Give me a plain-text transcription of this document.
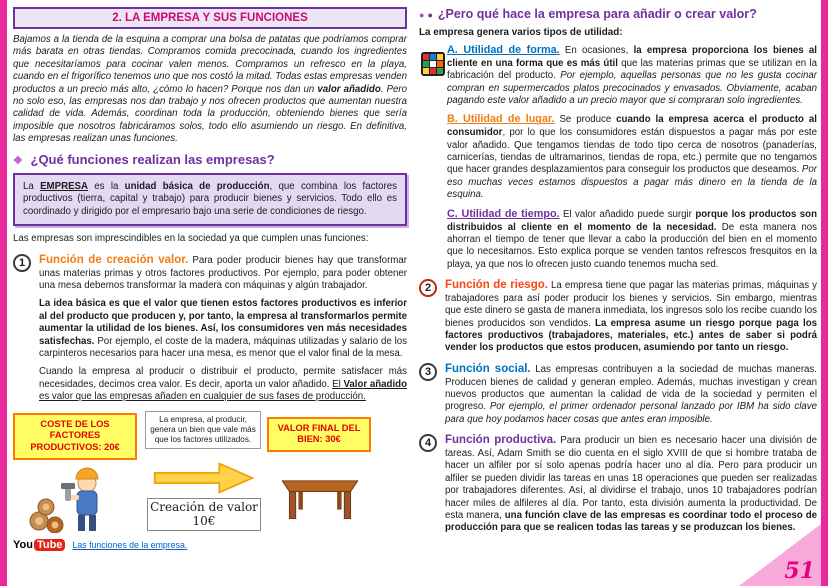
51
2. LA EMPRESA Y SUS FUNCIONES

Bajamos a la tienda de la esquina a comprar una bolsa de patatas que podríamos comprar más barata en otras tiendas. Compramos comida precocinada, cuando los ingredientes que necesitaríamos para cocinar valen menos. Compramos un refresco en la playa, cuando en el frigorífico tenemos uno que nos costó la mitad. Todas estas empresas venden productos a un precio más alto, ¿cómo lo hacen? Porque nos dan un valor añadido. Pero no solo eso, las empresas nos dan trabajo y nos ofrecen productos que aumentan nuestra calidad de vida. Además, coordinan toda la producción, obteniendo bienes que sería imposible que nosotros fabricáramos solos, todo ello asumiendo un riesgo. En definitiva, las empresas realizan unas funciones.

❖ ¿Qué funciones realizan las empresas?
La EMPRESA es la unidad básica de producción, que combina los factores productivos (tierra, capital y trabajo) para producir bienes y servicios. Todo ello es coordinado y dirigido por el empresario bajo una serie de condiciones de riesgo.

Las empresas son imprescindibles en la sociedad ya que cumplen unas funciones:

1	Función de creación valor. Para poder producir bienes hay que transformar unas materias primas y otros factores productivos. Por ejemplo, para poder obtener una mesa debemos transformar la madera con máquinas y algún trabajador.

La idea básica es que el valor que tienen estos factores productivos es inferior al del producto que producen y, por tanto, la empresa al transformarlos permite aumentar la utilidad de los bienes. Así, los consumidores ven más necesidades satisfechas. Por ejemplo, el coste de la madera, máquinas utilizadas y salario de los carpinteros necesarios para hacer una mesa, es menor que el valor final de la mesa.

Cuando la empresa al producir o distribuir el producto, permite satisfacer más necesidades, decimos crea valor. Es decir, aporta un valor añadido. El Valor añadido es valor que las empresas añaden en cualquier de sus fases de producción.

COSTE DE LOS FACTORES PRODUCTIVOS: 20€
La empresa, al producir, genera un bien que vale más que los factores utilizados.
VALOR FINAL DEL BIEN: 30€
Creación de valor
10€
You Tube	Las funciones de la empresa.
● ● ¿Pero qué hace la empresa para añadir o crear valor?

La empresa genera varios tipos de utilidad:

A. Utilidad de forma. En ocasiones, la empresa proporciona los bienes al cliente en una forma que es más útil que las materias primas que se utilizan en la fabricación del producto. Por ejemplo, aquellas personas que no les gusta cocinar compran en supermercados platos precocinados y envasados. Obviamente, acaban pagando este valor añadido a un precio mayor que si compraran solo ingredientes.

B. Utilidad de lugar. Se produce cuando la empresa acerca el producto al consumidor, por lo que los consumidores están dispuestos a pagar más por este valor añadido. Que tengamos tiendas de todo tipo cerca de nosotros (panaderías, carnicerías, tiendas de ultramarinos, tiendas de ropa, etc.) permite que no tengamos que hacer grandes desplazamientos para conseguir los productos que deseamos. Por eso muchas veces estamos dispuestos a pagar más dinero en la tienda de la esquina.

C. Utilidad de tiempo. El valor añadido puede surgir porque los productos son distribuidos al cliente en el momento de la necesidad. De esta manera nos ahorran el tiempo de tener que llevar a cabo la producción del bien en el momento que lo necesitamos. Esto explica porque se venden tantos refrescos fresquitos en la playa, ya que nos lo ofrecen justo cuando tenemos mucha sed.

2	Función de riesgo. La empresa tiene que pagar las materias primas, máquinas y trabajadores para así poder producir los bienes y servicios. Sin embargo, mientras que este dinero se gasta de manera inmediata, los ingresos solo los recibe cuando los bienes producidos son vendidos. La empresa asume un riesgo porque paga los factores productivos (trabajadores, materiales, etc.) antes de saber si podrá vender los productos que estos producen, asumiendo por tanto un riesgo.

3	Función social. Las empresas contribuyen a la sociedad de muchas maneras. Producen bienes de calidad y generan empleo. Además, muchas investigan y crean nuevos productos que aumentan la calidad de vida de la sociedad y permiten el progreso. Por ejemplo, el primer ordenador personal lanzado por IBM ha sido clave para que hoy podamos hacer cosas que antes eran imposible.

4	Función productiva. Para producir un bien es necesario hacer una división de tareas. Así, Adam Smith se dio cuenta en el siglo XVIII de que si hombre trataba de hacer un alfiler por sí solo apenas podría hacer uno al día. Pero para producir un alfiler se pueden dividir las tareas en unas 18 operaciones que pueden ser realizadas por trabajadores diferentes. Así, al dividirse el trabajo, unos 10 trabajadores podrían hacer miles de alfileres al día. Por tanto, esta división aumenta la productividad. De esta manera, una función clave de las empresas es coordinar todo el proceso de producción para que se realicen todas las tareas y se produzcan los bienes.
